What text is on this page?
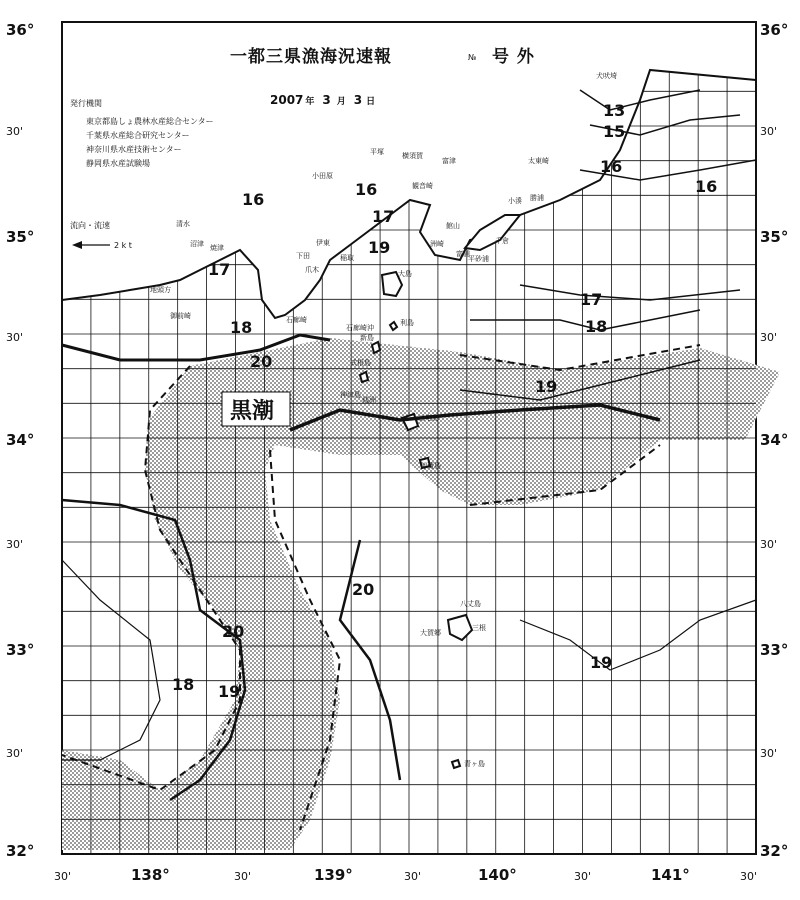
36°	36°
30'	30'
35°	35°
30'	30'
34°	34°
30'	30'
33°	33°
30'	30'
32°	32°
30'	138°	30'	139°	30'	140°	30'	141°	30'
13
15
16
16
16
16
17
17
17
18	18
18
19
19
19
19
20
20
20
犬吠埼
太東崎
勝浦
小湊
千倉
富浦
平砂浦
平塚	横須賀
富津
小田原
観音崎
洲崎
館山
伊東
稲取
下田
爪木
石廊崎
大島
利島
新島
式根島
神津島
三宅島
御蔵島
八丈島
大賀郷
三根
青ヶ島
地頭方
御前崎
焼津
沼津
清水
石廊崎沖
銭洲
一都三県漁海況速報	№ 号 外
2007 年 3 月 3 日
発行機関
東京都島しょ農林水産総合センター
千葉県水産総合研究センター
神奈川県水産技術センター
静岡県水産試験場
流向・流速
2 k t
黒潮
